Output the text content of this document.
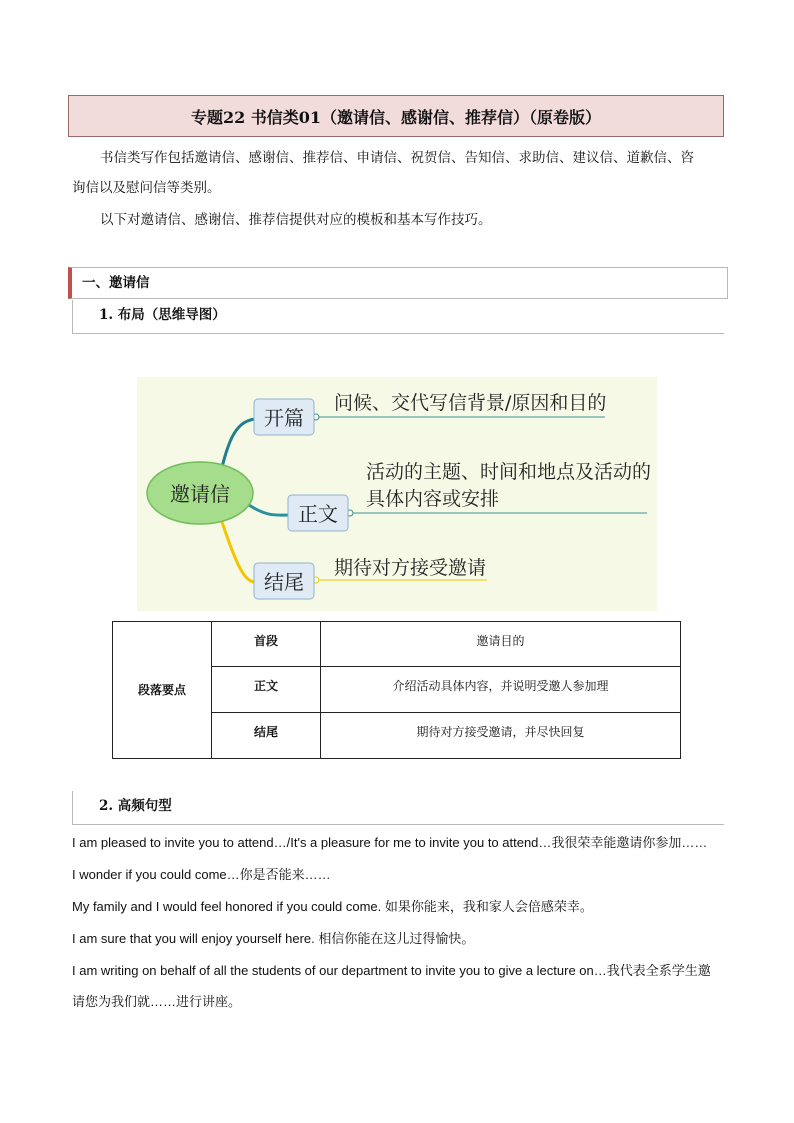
专题22 书信类01（邀请信、感谢信、推荐信）（原卷版）
书信类写作包括邀请信、感谢信、推荐信、申请信、祝贺信、告知信、求助信、建议信、道歉信、咨
询信以及慰问信等类别。
以下对邀请信、感谢信、推荐信提供对应的模板和基本写作技巧。
一、邀请信
1. 布局（思维导图）
邀请信
开篇
正文
结尾
问候、交代写信背景/原因和目的
活动的主题、时间和地点及活动的
具体内容或安排
期待对方接受邀请
段落要点	首段	邀请目的
	正文	介绍活动具体内容，并说明受邀人参加理
	结尾	期待对方接受邀请，并尽快回复
2. 高频句型
I am pleased to invite you to attend…/It's a pleasure for me to invite you to attend…我很荣幸能邀请你参加……
I wonder if you could come…你是否能来……
My family and I would feel honored if you could come. 如果你能来，我和家人会倍感荣幸。
I am sure that you will enjoy yourself here. 相信你能在这儿过得愉快。
I am writing on behalf of all the students of our department to invite you to give a lecture on…我代表全系学生邀
请您为我们就……进行讲座。
